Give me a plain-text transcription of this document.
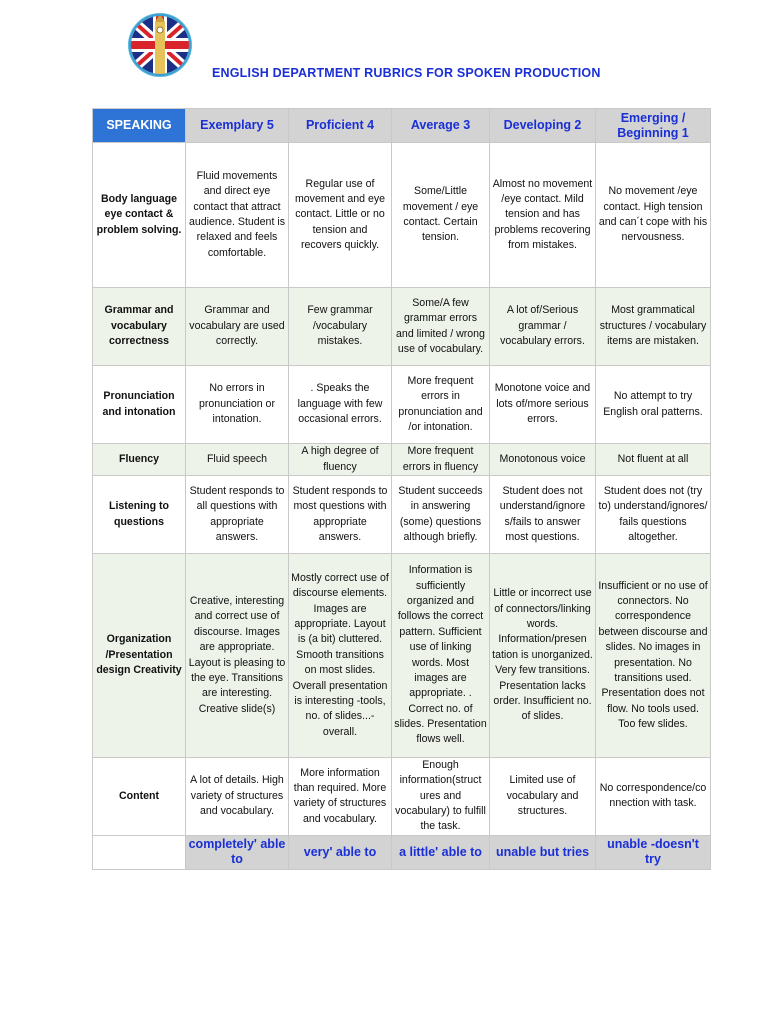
ENGLISH DEPARTMENT RUBRICS FOR SPOKEN PRODUCTION
SPEAKING	Exemplary 5	Proficient 4	Average 3	Developing 2	Emerging / Beginning 1
Body language eye contact & problem solving.	Fluid movements and direct eye contact that attract audience. Student is relaxed and feels comfortable.	Regular use of movement and eye contact. Little or no tension and recovers quickly.	Some/Little movement / eye contact. Certain tension.	Almost no movement /eye contact. Mild tension and has problems recovering from mistakes.	No movement /eye contact. High tension and can´t cope with his nervousness.
Grammar and vocabulary correctness	Grammar and vocabulary are used correctly.	Few grammar /vocabulary mistakes.	Some/A few grammar errors and limited / wrong use of vocabulary.	A lot of/Serious grammar / vocabulary errors.	Most grammatical structures / vocabulary items are mistaken.
Pronunciation and intonation	No errors in pronunciation or intonation.	. Speaks the language with few occasional errors.	More frequent errors in pronunciation and /or intonation.	Monotone voice and lots of/more serious errors.	No attempt to try English oral patterns.
Fluency	Fluid speech	A high degree of fluency	More frequent errors in fluency	Monotonous voice	Not fluent at all
Listening to questions	Student responds to all questions with appropriate answers.	Student responds to most questions with appropriate answers.	Student succeeds in answering (some) questions although briefly.	Student does not understand/ignore s/fails to answer most questions.	Student does not (try to) understand/ignores/ fails questions altogether.
Organization /Presentation design Creativity	Creative, interesting and correct use of discourse. Images are appropriate. Layout is pleasing to the eye. Transitions are interesting. Creative slide(s)	Mostly correct use of discourse elements. Images are appropriate. Layout is (a bit) cluttered. Smooth transitions on most slides. Overall presentation is interesting -tools, no. of slides...- overall.	Information is sufficiently organized and follows the correct pattern. Sufficient use of linking words. Most images are appropriate. . Correct no. of slides. Presentation flows well.	Little or incorrect use of connectors/linking words. Information/presen tation is unorganized. Very few transitions. Presentation lacks order. Insufficient no. of slides.	Insufficient or no use of connectors. No correspondence between discourse and slides. No images in presentation. No transitions used. Presentation does not flow. No tools used. Too few slides.
Content	A lot of details. High variety of structures and vocabulary.	More information than required. More variety of structures and vocabulary.	Enough information(struct ures and vocabulary) to fulfill the task.	Limited use of vocabulary and structures.	No correspondence/co nnection with task.
	completely' able to	very' able to	a little' able to	unable but tries	unable -doesn't try
